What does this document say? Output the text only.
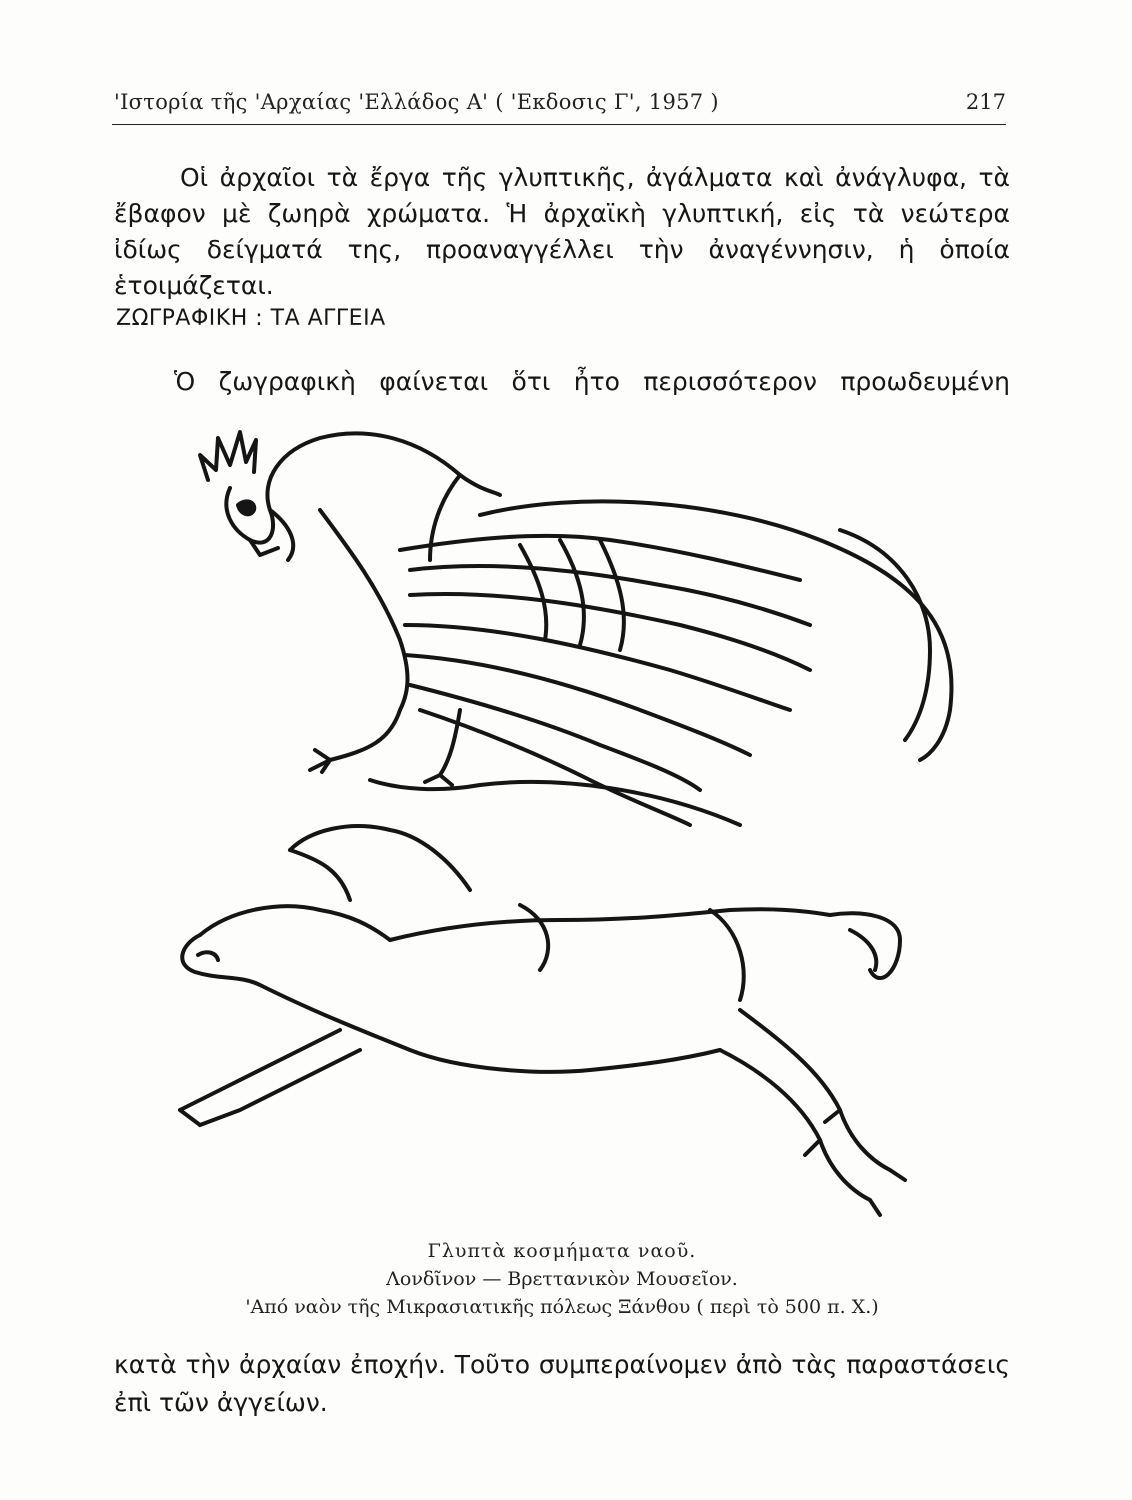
'Ιστορία τῆς 'Αρχαίας 'Ελλάδος Α' ( 'Εκδοσις Γ', 1957 )	217
Οἱ ἀρχαῖοι τὰ ἔργα τῆς γλυπτικῆς, ἀγάλματα καὶ ἀνάγλυφα, τὰ ἔβαφον μὲ ζωηρὰ χρώματα. Ἡ ἀρχαϊκὴ γλυπτική, εἰς τὰ νεώτερα ἰδίως δείγματά της, προαναγγέλλει τὴν ἀναγέννησιν, ἡ ὁποία ἑτοιμάζεται.
ΖΩΓΡΑΦΙΚΗ : ΤΑ ΑΓΓΕΙΑ
Ὁ ζωγραφικὴ φαίνεται ὅτι ἦτο περισσότερον προωδευμένη
Γλυπτὰ κοσμήματα ναοῦ.
Λονδῖνον — Βρεττανικὸν Μουσεῖον.
'Από ναὸν τῆς Μικρασιατικῆς πόλεως Ξάνθου ( περὶ τὸ 500 π. Χ.)
κατὰ τὴν ἀρχαίαν ἐποχήν. Τοῦτο συμπεραίνομεν ἀπὸ τὰς παραστάσεις ἐπὶ τῶν ἀγγείων.
